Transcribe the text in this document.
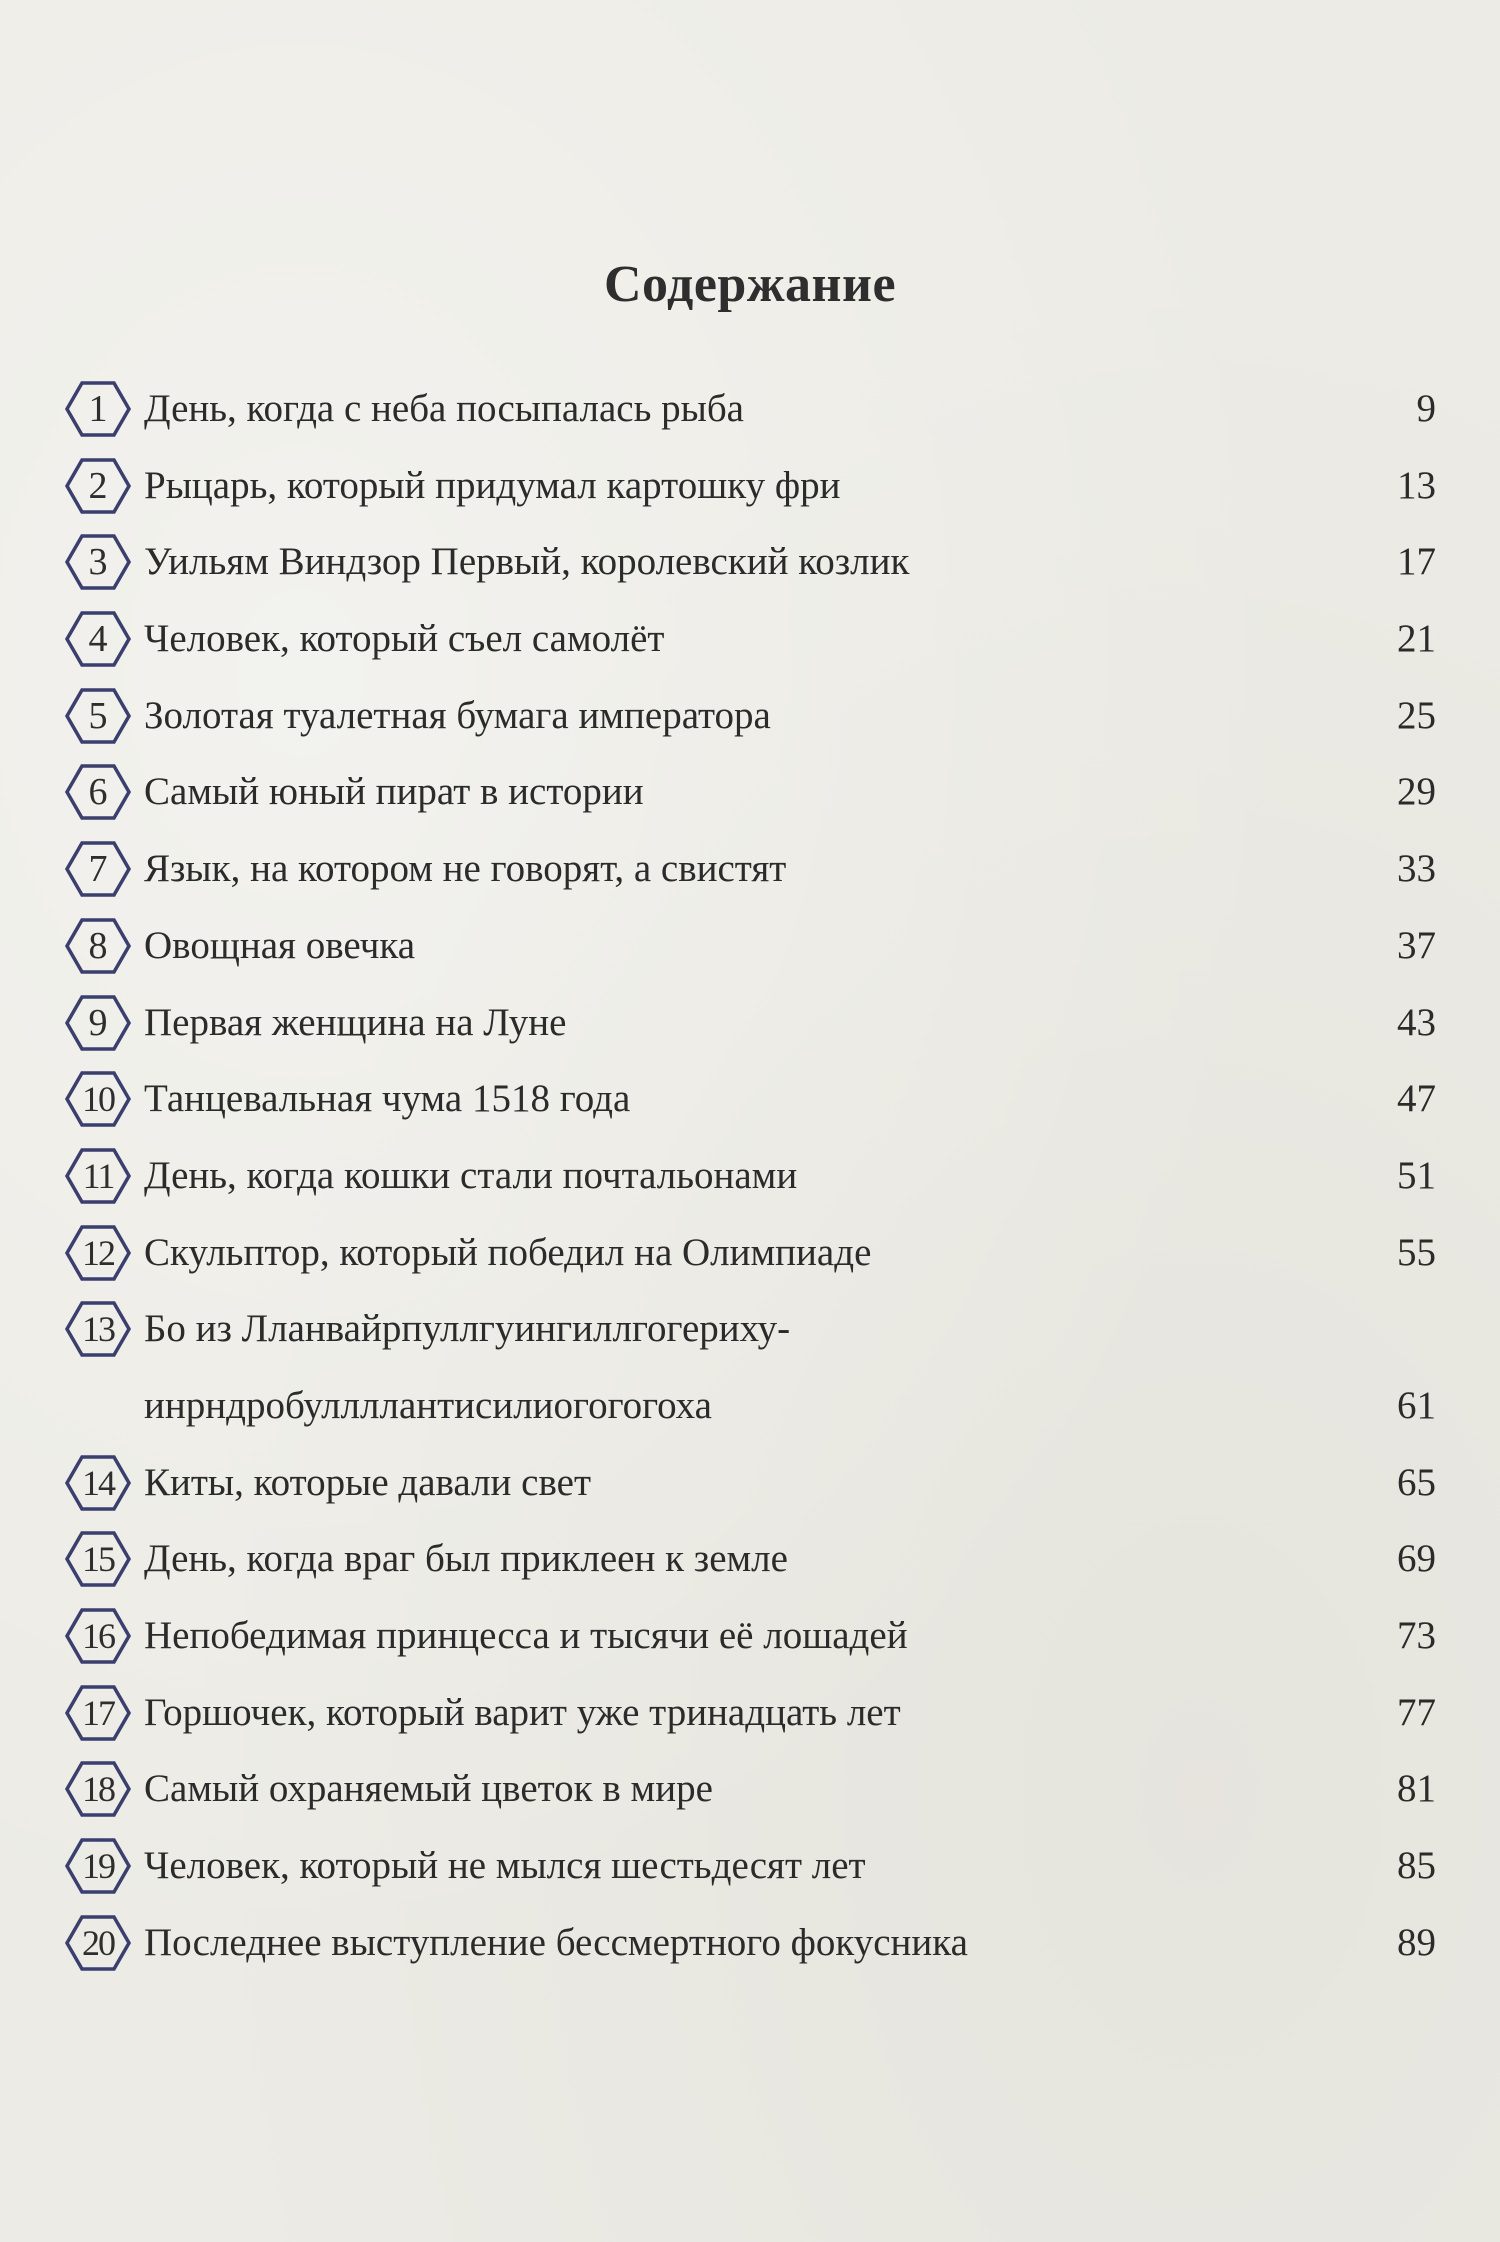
Содержание
1 День, когда с неба посыпалась рыба	9
2 Рыцарь, который придумал картошку фри	13
3 Уильям Виндзор Первый, королевский козлик	17
4 Человек, который съел самолёт	21
5 Золотая туалетная бумага императора	25
6 Самый юный пират в истории	29
7 Язык, на котором не говорят, а свистят	33
8 Овощная овечка	37
9 Первая женщина на Луне	43
10 Танцевальная чума 1518 года	47
11 День, когда кошки стали почтальонами	51
12 Скульптор, который победил на Олимпиаде	55
13 Бо из Лланвайрпуллгуингиллгогериху-
инрндробуллллантисилиогогогоха	61
14 Киты, которые давали свет	65
15 День, когда враг был приклеен к земле	69
16 Непобедимая принцесса и тысячи её лошадей	73
17 Горшочек, который варит уже тринадцать лет	77
18 Самый охраняемый цветок в мире	81
19 Человек, который не мылся шестьдесят лет	85
20 Последнее выступление бессмертного фокусника	89
